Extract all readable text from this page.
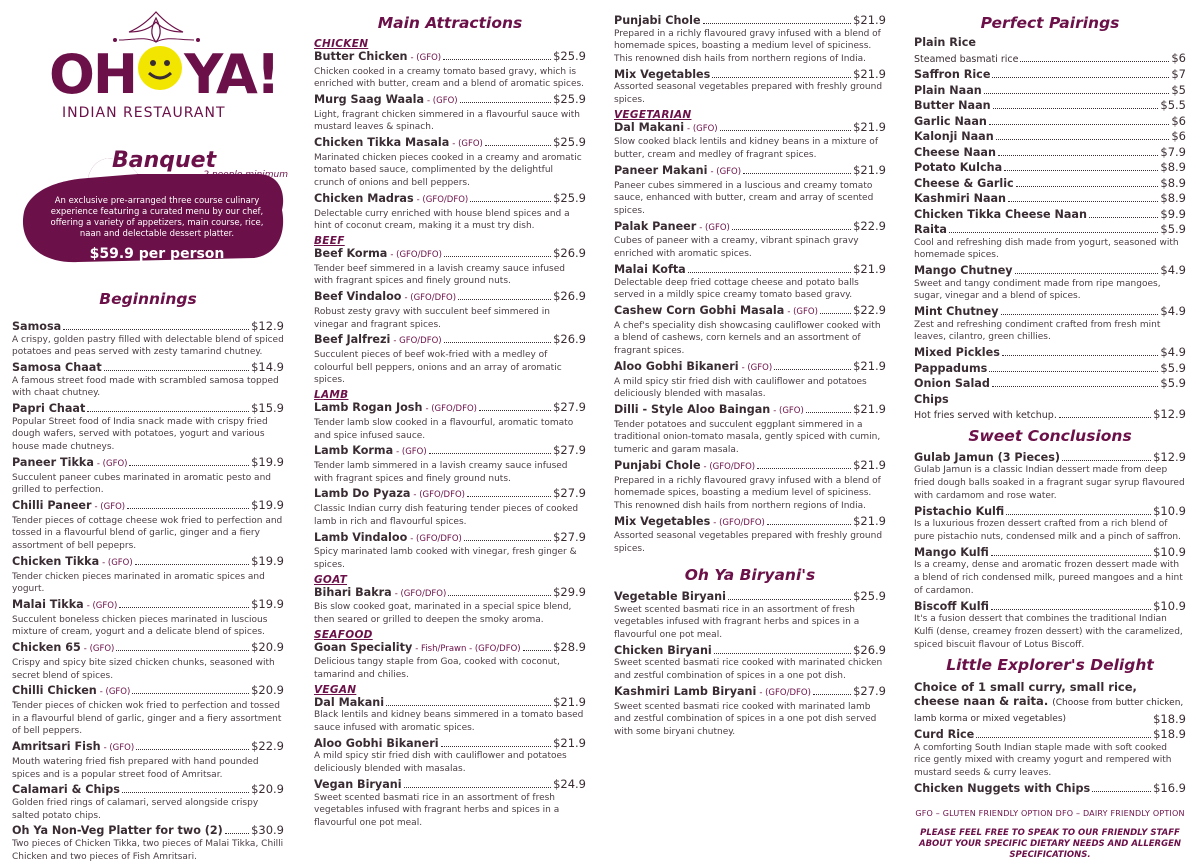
OH YA!
INDIAN RESTAURANT
Banquet
- 2 people minimum
An exclusive pre-arranged three course culinary experience featuring a curated menu by our chef, offering a variety of appetizers, main course, rice, naan and delectable dessert platter.
$59.9 per person
Beginnings
Samosa	$12.9
A crispy, golden pastry filled with delectable blend of spiced potatoes and peas served with zesty tamarind chutney.
Samosa Chaat	$14.9
A famous street food made with scrambled samosa topped with chaat chutney.
Papri Chaat	$15.9
Popular Street food of India snack made with crispy fried dough wafers, served with potatoes, yogurt and various house made chutneys.
Paneer Tikka - (GFO)	$19.9
Succulent paneer cubes marinated in aromatic pesto and grilled to perfection.
Chilli Paneer - (GFO)	$19.9
Tender pieces of cottage cheese wok fried to perfection and tossed in a flavourful blend of garlic, ginger and a fiery assortment of bell pepeprs.
Chicken Tikka - (GFO)	$19.9
Tender chicken pieces marinated in aromatic spices and yogurt.
Malai Tikka - (GFO)	$19.9
Succulent boneless chicken pieces marinated in luscious mixture of cream, yogurt and a delicate blend of spices.
Chicken 65 - (GFO)	$20.9
Crispy and spicy bite sized chicken chunks, seasoned with secret blend of spices.
Chilli Chicken - (GFO)	$20.9
Tender pieces of chicken wok fried to perfection and tossed in a flavourful blend of garlic, ginger and a fiery assortment of bell peppers.
Amritsari Fish - (GFO)	$22.9
Mouth watering fried fish prepared with hand pounded spices and is a popular street food of Amritsar.
Calamari & Chips	$20.9
Golden fried rings of calamari, served alongside crispy salted potato chips.
Oh Ya Non-Veg Platter for two (2) $30.9
Two pieces of Chicken Tikka, two pieces of Malai Tikka, Chilli Chicken and two pieces of Fish Amritsari.
Main Attractions
CHICKEN
Butter Chicken - (GFO)	$25.9
Chicken cooked in a creamy tomato based gravy, which is enriched with butter, cream and a blend of aromatic spices.
Murg Saag Waala - (GFO)	$25.9
Light, fragrant chicken simmered in a flavourful sauce with mustard leaves & spinach.
Chicken Tikka Masala - (GFO)	$25.9
Marinated chicken pieces cooked in a creamy and aromatic tomato based sauce, complimented by the delightful crunch of onions and bell peppers.
Chicken Madras - (GFO/DFO)	$25.9
Delectable curry enriched with house blend spices and a hint of coconut cream, making it a must try dish.
BEEF
Beef Korma - (GFO/DFO)	$26.9
Tender beef simmered in a lavish creamy sauce infused with fragrant spices and finely ground nuts.
Beef Vindaloo - (GFO/DFO)	$26.9
Robust zesty gravy with succulent beef simmered in vinegar and fragrant spices.
Beef Jalfrezi - GFO/DFO)	$26.9
Succulent pieces of beef wok-fried with a medley of colourful bell peppers, onions and an array of aromatic spices.
LAMB
Lamb Rogan Josh - (GFO/DFO)	$27.9
Tender lamb slow cooked in a flavourful, aromatic tomato and spice infused sauce.
Lamb Korma - (GFO)	$27.9
Tender lamb simmered in a lavish creamy sauce infused with fragrant spices and finely ground nuts.
Lamb Do Pyaza - (GFO/DFO)	$27.9
Classic Indian curry dish featuring tender pieces of cooked lamb in rich and flavourful spices.
Lamb Vindaloo - (GFO/DFO)	$27.9
Spicy marinated lamb cooked with vinegar, fresh ginger & spices.
GOAT
Bihari Bakra - (GFO/DFO)	$29.9
Bis slow cooked goat, marinated in a special spice blend, then seared or grilled to deepen the smoky aroma.
SEAFOOD
Goan Speciality - Fish/Prawn - (GFO/DFO)	$28.9
Delicious tangy staple from Goa, cooked with coconut, tamarind and chilies.
VEGAN
Dal Makani	$21.9
Black lentils and kidney beans simmered in a tomato based sauce infused with aromatic spices.
Aloo Gobhi Bikaneri	$21.9
A mild spicy stir fried dish with cauliflower and potatoes deliciously blended with masalas.
Vegan Biryani	$24.9
Sweet scented basmati rice in an assortment of fresh vegetables infused with fragrant herbs and spices in a flavourful one pot meal.
Punjabi Chole	$21.9
Prepared in a richly flavoured gravy infused with a blend of homemade spices, boasting a medium level of spiciness. This renowned dish hails from northern regions of India.
Mix Vegetables	$21.9
Assorted seasonal vegetables prepared with freshly ground spices.
VEGETARIAN
Dal Makani - (GFO)	$21.9
Slow cooked black lentils and kidney beans in a mixture of butter, cream and medley of fragrant spices.
Paneer Makani - (GFO)	$21.9
Paneer cubes simmered in a luscious and creamy tomato sauce, enhanced with butter, cream and array of scented spices.
Palak Paneer - (GFO)	$22.9
Cubes of paneer with a creamy, vibrant spinach gravy enriched with aromatic spices.
Malai Kofta	$21.9
Delectable deep fried cottage cheese and potato balls served in a mildly spice creamy tomato based gravy.
Cashew Corn Gobhi Masala - (GFO)	$22.9
A chef's speciality dish showcasing cauliflower cooked with a blend of cashews, corn kernels and an assortment of fragrant spices.
Aloo Gobhi Bikaneri - (GFO)	$21.9
A mild spicy stir fried dish with cauliflower and potatoes deliciously blended with masalas.
Dilli - Style Aloo Baingan - (GFO)	$21.9
Tender potatoes and succulent eggplant simmered in a traditional onion-tomato masala, gently spiced with cumin, tumeric and garam masala.
Punjabi Chole - (GFO/DFO)	$21.9
Prepared in a richly flavoured gravy infused with a blend of homemade spices, boasting a medium level of spiciness. This renowned dish hails from northern regions of India.
Mix Vegetables - (GFO/DFO)	$21.9
Assorted seasonal vegetables prepared with freshly ground spices.
Oh Ya Biryani's
Vegetable Biryani	$25.9
Sweet scented basmati rice in an assortment of fresh vegetables infused with fragrant herbs and spices in a flavourful one pot meal.
Chicken Biryani	$26.9
Sweet scented basmati rice cooked with marinated chicken and zestful combination of spices in a one pot dish.
Kashmiri Lamb Biryani - (GFO/DFO)	$27.9
Sweet scented basmati rice cooked with marinated lamb and zestful combination of spices in a one pot dish served with some biryani chutney.
Perfect Pairings
Plain Rice
Steamed basmati rice	$6
Saffron Rice	$7
Plain Naan	$5
Butter Naan	$5.5
Garlic Naan	$6
Kalonji Naan	$6
Cheese Naan	$7.9
Potato Kulcha	$8.9
Cheese & Garlic	$8.9
Kashmiri Naan	$8.9
Chicken Tikka Cheese Naan	$9.9
Raita	$5.9
Cool and refreshing dish made from yogurt, seasoned with homemade spices.
Mango Chutney	$4.9
Sweet and tangy condiment made from ripe mangoes, sugar, vinegar and a blend of spices.
Mint Chutney	$4.9
Zest and refreshing condiment crafted from fresh mint leaves, cilantro, green chillies.
Mixed Pickles	$4.9
Pappadums	$5.9
Onion Salad	$5.9
Chips
Hot fries served with ketchup.	$12.9
Sweet Conclusions
Gulab Jamun (3 Pieces)	$12.9
Gulab Jamun is a classic Indian dessert made from deep fried dough balls soaked in a fragrant sugar syrup flavoured with cardamom and rose water.
Pistachio Kulfi	$10.9
Is a luxurious frozen dessert crafted from a rich blend of pure pistachio nuts, condensed milk and a pinch of saffron.
Mango Kulfi	$10.9
Is a creamy, dense and aromatic frozen dessert made with a blend of rich condensed milk, pureed mangoes and a hint of cardamon.
Biscoff Kulfi	$10.9
It's a fusion dessert that combines the traditional Indian Kulfi (dense, creamey frozen dessert) with the caramelized, spiced biscuit flavour of Lotus Biscoff.
Little Explorer's Delight
Choice of 1 small curry, small rice, cheese naan & raita. (Choose from butter chicken, lamb korma or mixed vegetables)	$18.9
Curd Rice	$18.9
A comforting South Indian staple made with soft cooked rice gently mixed with creamy yogurt and rempered with mustard seeds & curry leaves.
Chicken Nuggets with Chips	$16.9
GFO – GLUTEN FRIENDLY OPTION DFO – DAIRY FRIENDLY OPTION
PLEASE FEEL FREE TO SPEAK TO OUR FRIENDLY STAFF ABOUT YOUR SPECIFIC DIETARY NEEDS AND ALLERGEN SPECIFICATIONS.
